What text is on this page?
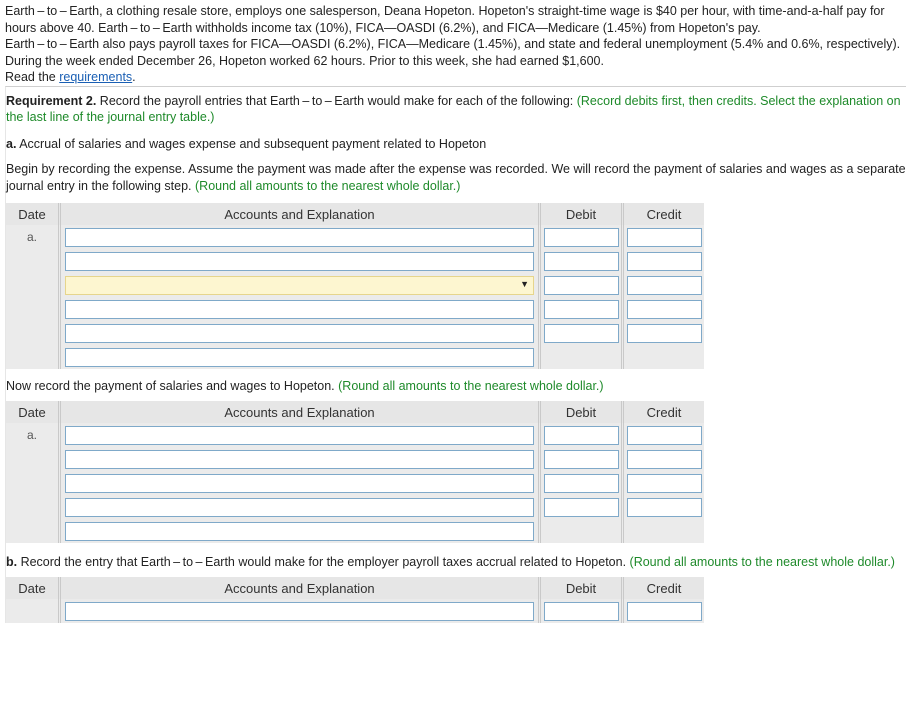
Earth – to – Earth, a clothing resale store, employs one salesperson, Deana Hopeton. Hopeton's straight-time wage is $40 per hour, with time-and-a-half pay for hours above 40. Earth – to – Earth withholds income tax (10%), FICA—OASDI (6.2%), and FICA—Medicare (1.45%) from Hopeton's pay.

Earth – to – Earth also pays payroll taxes for FICA—OASDI (6.2%), FICA—Medicare (1.45%), and state and federal unemployment (5.4% and 0.6%, respectively). During the week ended December 26, Hopeton worked 62 hours. Prior to this week, she had earned $1,600.

Read the requirements.

Requirement 2. Record the payroll entries that Earth – to – Earth would make for each of the following: (Record debits first, then credits. Select the explanation on the last line of the journal entry table.)

a. Accrual of salaries and wages expense and subsequent payment related to Hopeton

Begin by recording the expense. Assume the payment was made after the expense was recorded. We will record the payment of salaries and wages as a separate journal entry in the following step. (Round all amounts to the nearest whole dollar.)

Date	Accounts and Explanation	Debit	Credit
a.	

	▼		

Now record the payment of salaries and wages to Hopeton. (Round all amounts to the nearest whole dollar.)

Date	Accounts and Explanation	Debit	Credit
a.	

b. Record the entry that Earth – to – Earth would make for the employer payroll taxes accrual related to Hopeton. (Round all amounts to the nearest whole dollar.)

Date	Accounts and Explanation	Debit	Credit
